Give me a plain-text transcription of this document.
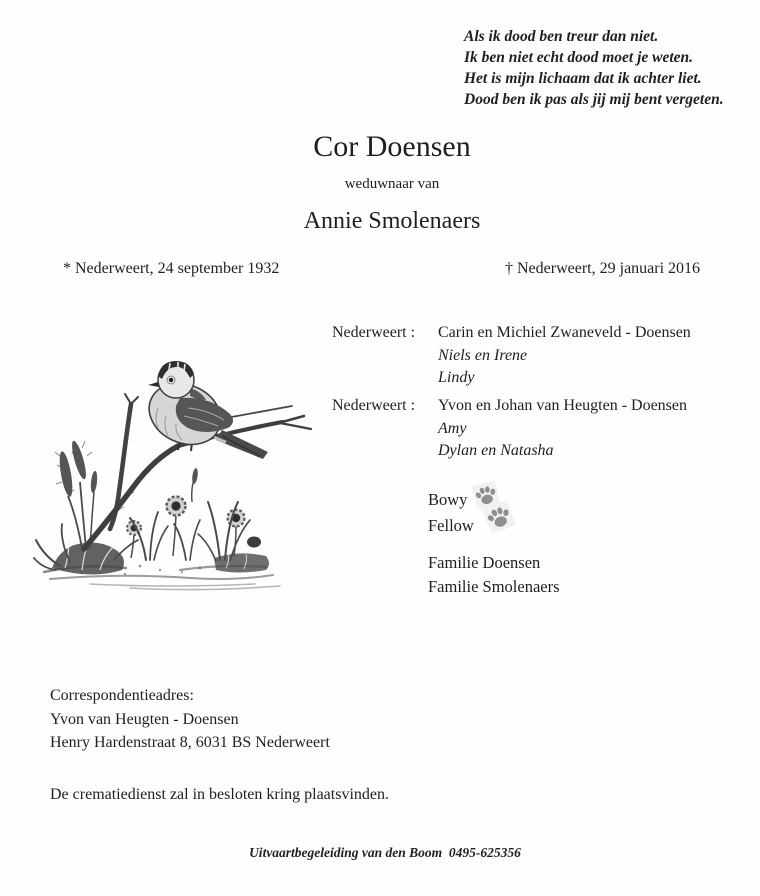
Als ik dood ben treur dan niet.
Ik ben niet echt dood moet je weten.
Het is mijn lichaam dat ik achter liet.
Dood ben ik pas als jij mij bent vergeten.
Cor Doensen
weduwnaar van
Annie Smolenaers
* Nederweert, 24 september 1932	† Nederweert, 29 januari 2016
Nederweert :	Carin en Michiel Zwaneveld - Doensen
Niels en Irene
Lindy
Nederweert :	Yvon en Johan van Heugten - Doensen
Amy
Dylan en Natasha
Bowy
Fellow
Familie Doensen
Familie Smolenaers
Correspondentieadres:
Yvon van Heugten - Doensen
Henry Hardenstraat 8, 6031 BS Nederweert
De crematiedienst zal in besloten kring plaatsvinden.
Uitvaartbegeleiding van den Boom  0495-625356
